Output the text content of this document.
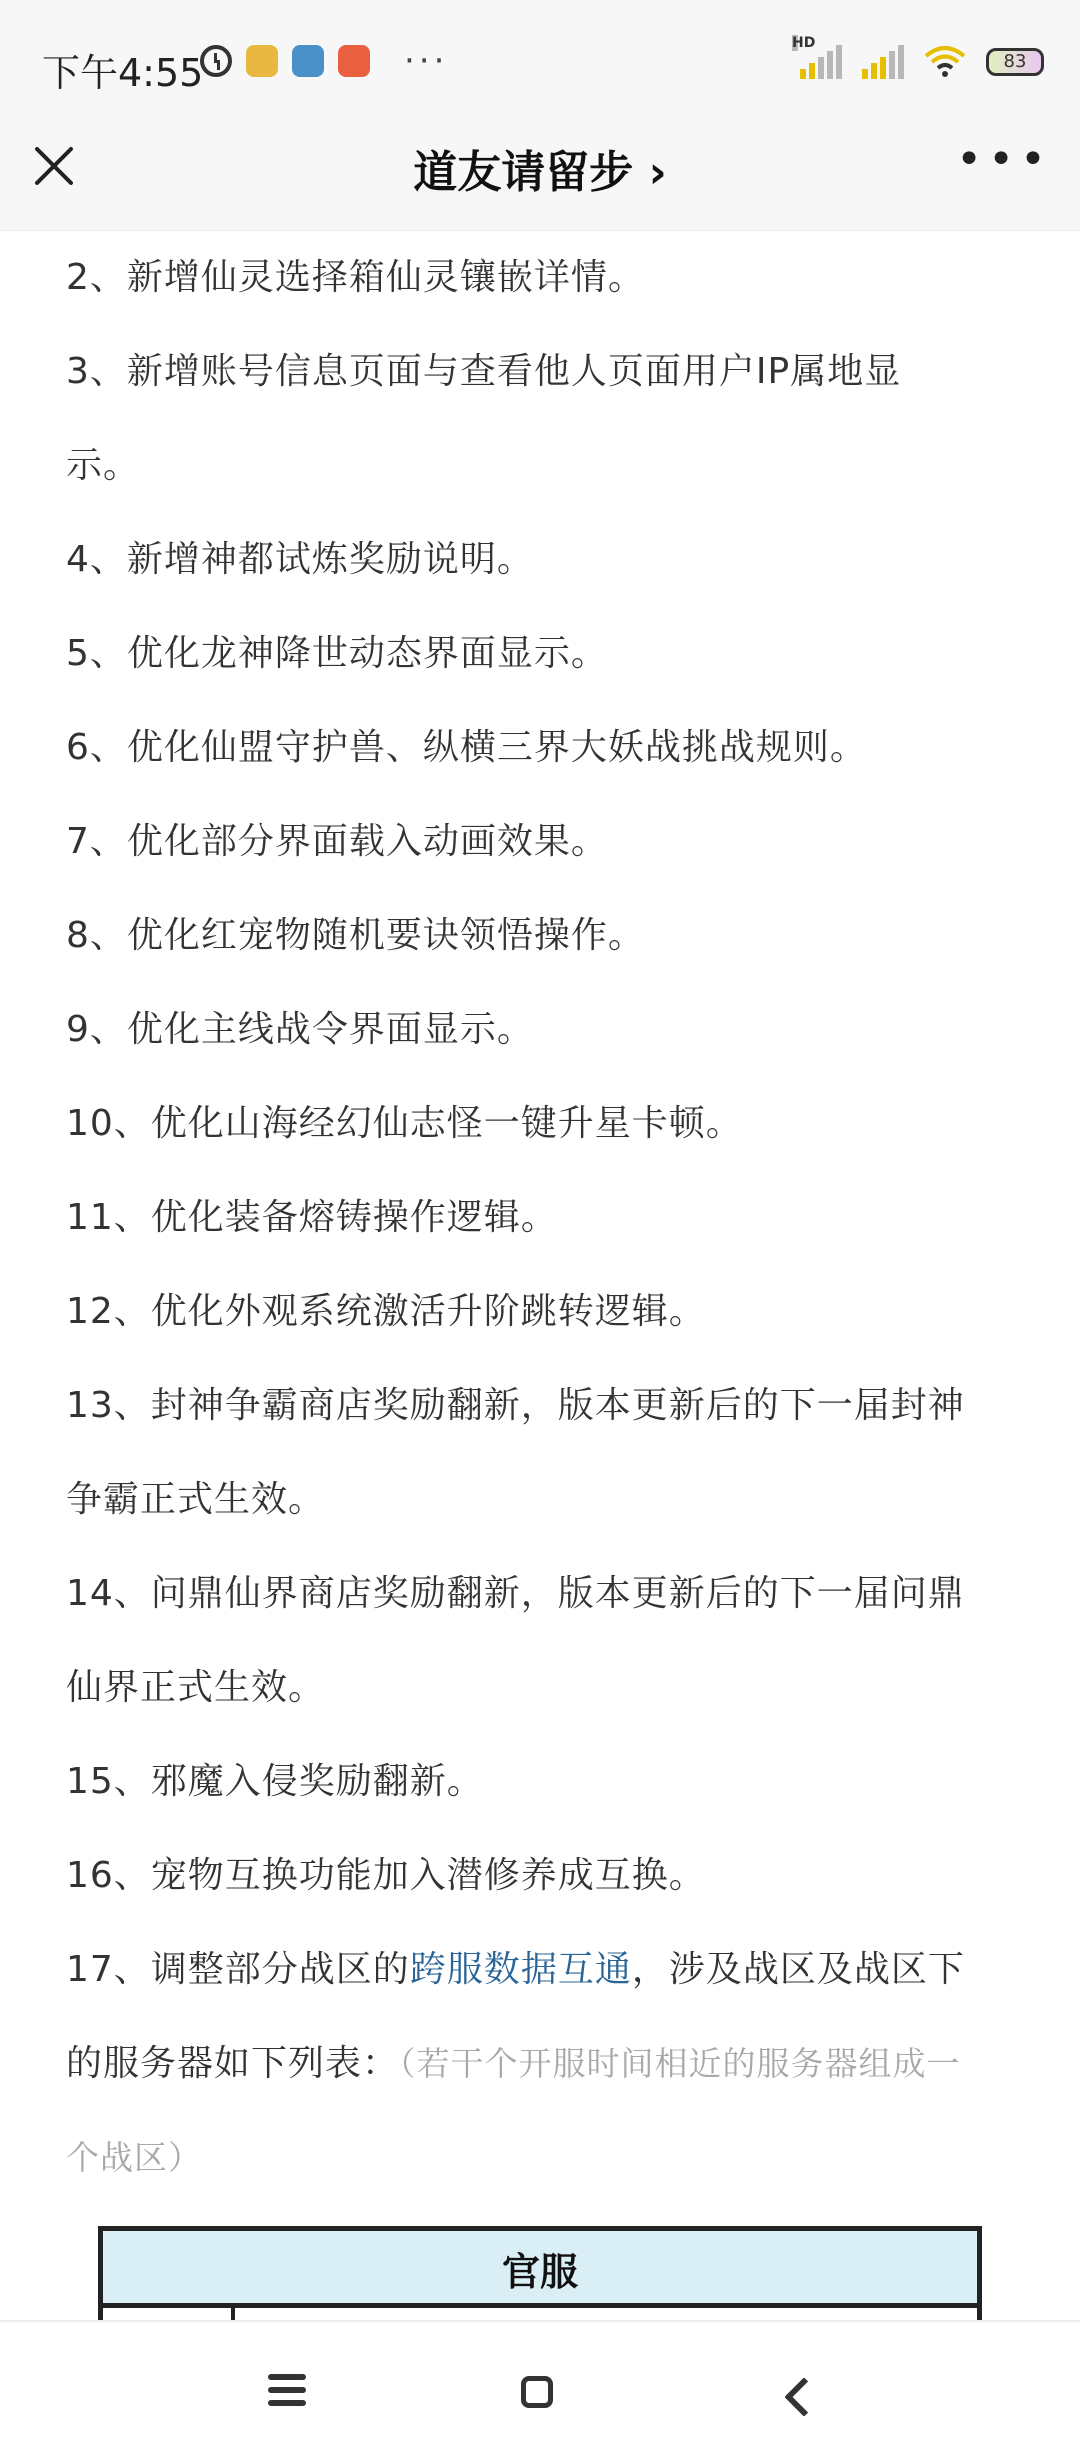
下午4:55	···	HD
83
道友请留步 ›	•••
2、新增仙灵选择箱仙灵镶嵌详情。
3、新增账号信息页面与查看他人页面用户IP属地显
示。
4、新增神都试炼奖励说明。
5、优化龙神降世动态界面显示。
6、优化仙盟守护兽、纵横三界大妖战挑战规则。
7、优化部分界面载入动画效果。
8、优化红宠物随机要诀领悟操作。
9、优化主线战令界面显示。
10、优化山海经幻仙志怪一键升星卡顿。
11、优化装备熔铸操作逻辑。
12、优化外观系统激活升阶跳转逻辑。
13、封神争霸商店奖励翻新，版本更新后的下一届封神
争霸正式生效。
14、问鼎仙界商店奖励翻新，版本更新后的下一届问鼎
仙界正式生效。
15、邪魔入侵奖励翻新。
16、宠物互换功能加入潜修养成互换。
17、调整部分战区的跨服数据互通，涉及战区及战区下
的服务器如下列表：（若干个开服时间相近的服务器组成一
个战区）
官服
